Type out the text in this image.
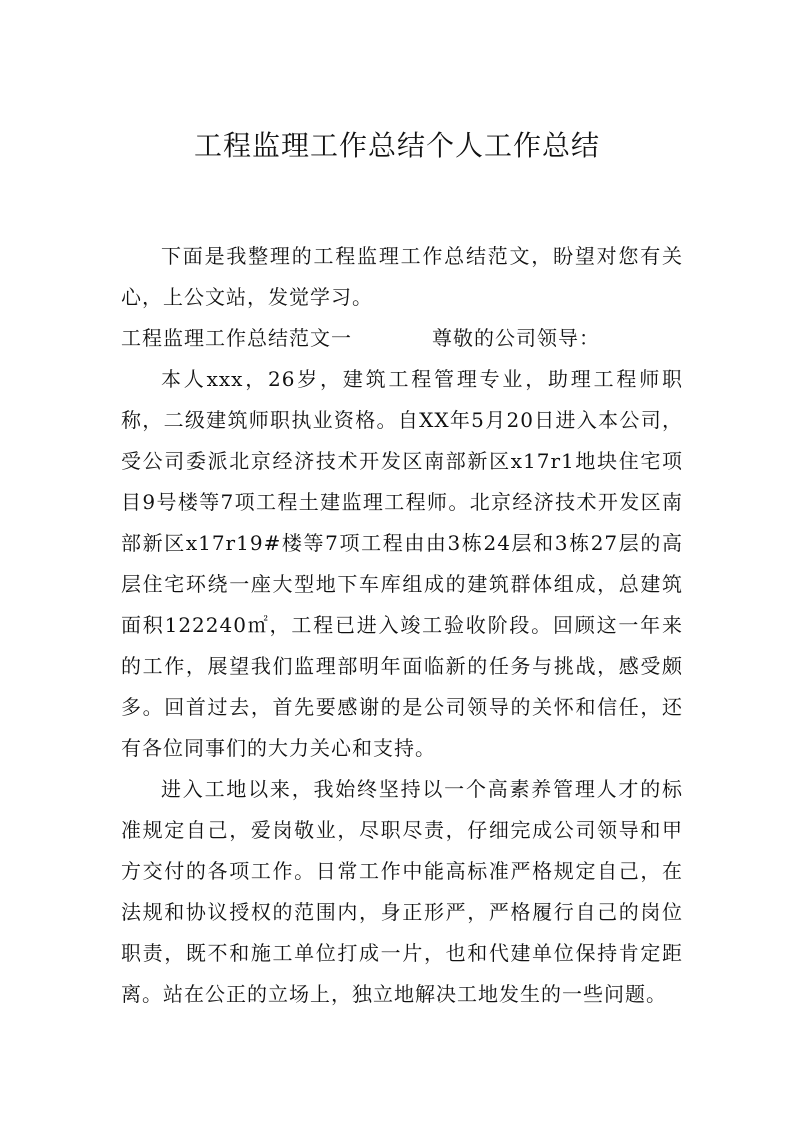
工程监理工作总结个人工作总结

下面是我整理的工程监理工作总结范文，盼望对您有关心，上公文站，发觉学习。

工程监理工作总结范文一	尊敬的公司领导：

本人xxx，26岁，建筑工程管理专业，助理工程师职称，二级建筑师职执业资格。自XX年5月20日进入本公司，受公司委派北京经济技术开发区南部新区x17r1地块住宅项目9号楼等7项工程土建监理工程师。北京经济技术开发区南部新区x17r19#楼等7项工程由由3栋24层和3栋27层的高层住宅环绕一座大型地下车库组成的建筑群体组成，总建筑面积122240㎡，工程已进入竣工验收阶段。回顾这一年来的工作，展望我们监理部明年面临新的任务与挑战，感受颇多。回首过去，首先要感谢的是公司领导的关怀和信任，还有各位同事们的大力关心和支持。

进入工地以来，我始终坚持以一个高素养管理人才的标准规定自己，爱岗敬业，尽职尽责，仔细完成公司领导和甲方交付的各项工作。日常工作中能高标准严格规定自己，在法规和协议授权的范围内，身正形严，严格履行自己的岗位职责，既不和施工单位打成一片，也和代建单位保持肯定距离。站在公正的立场上，独立地解决工地发生的一些问题。
